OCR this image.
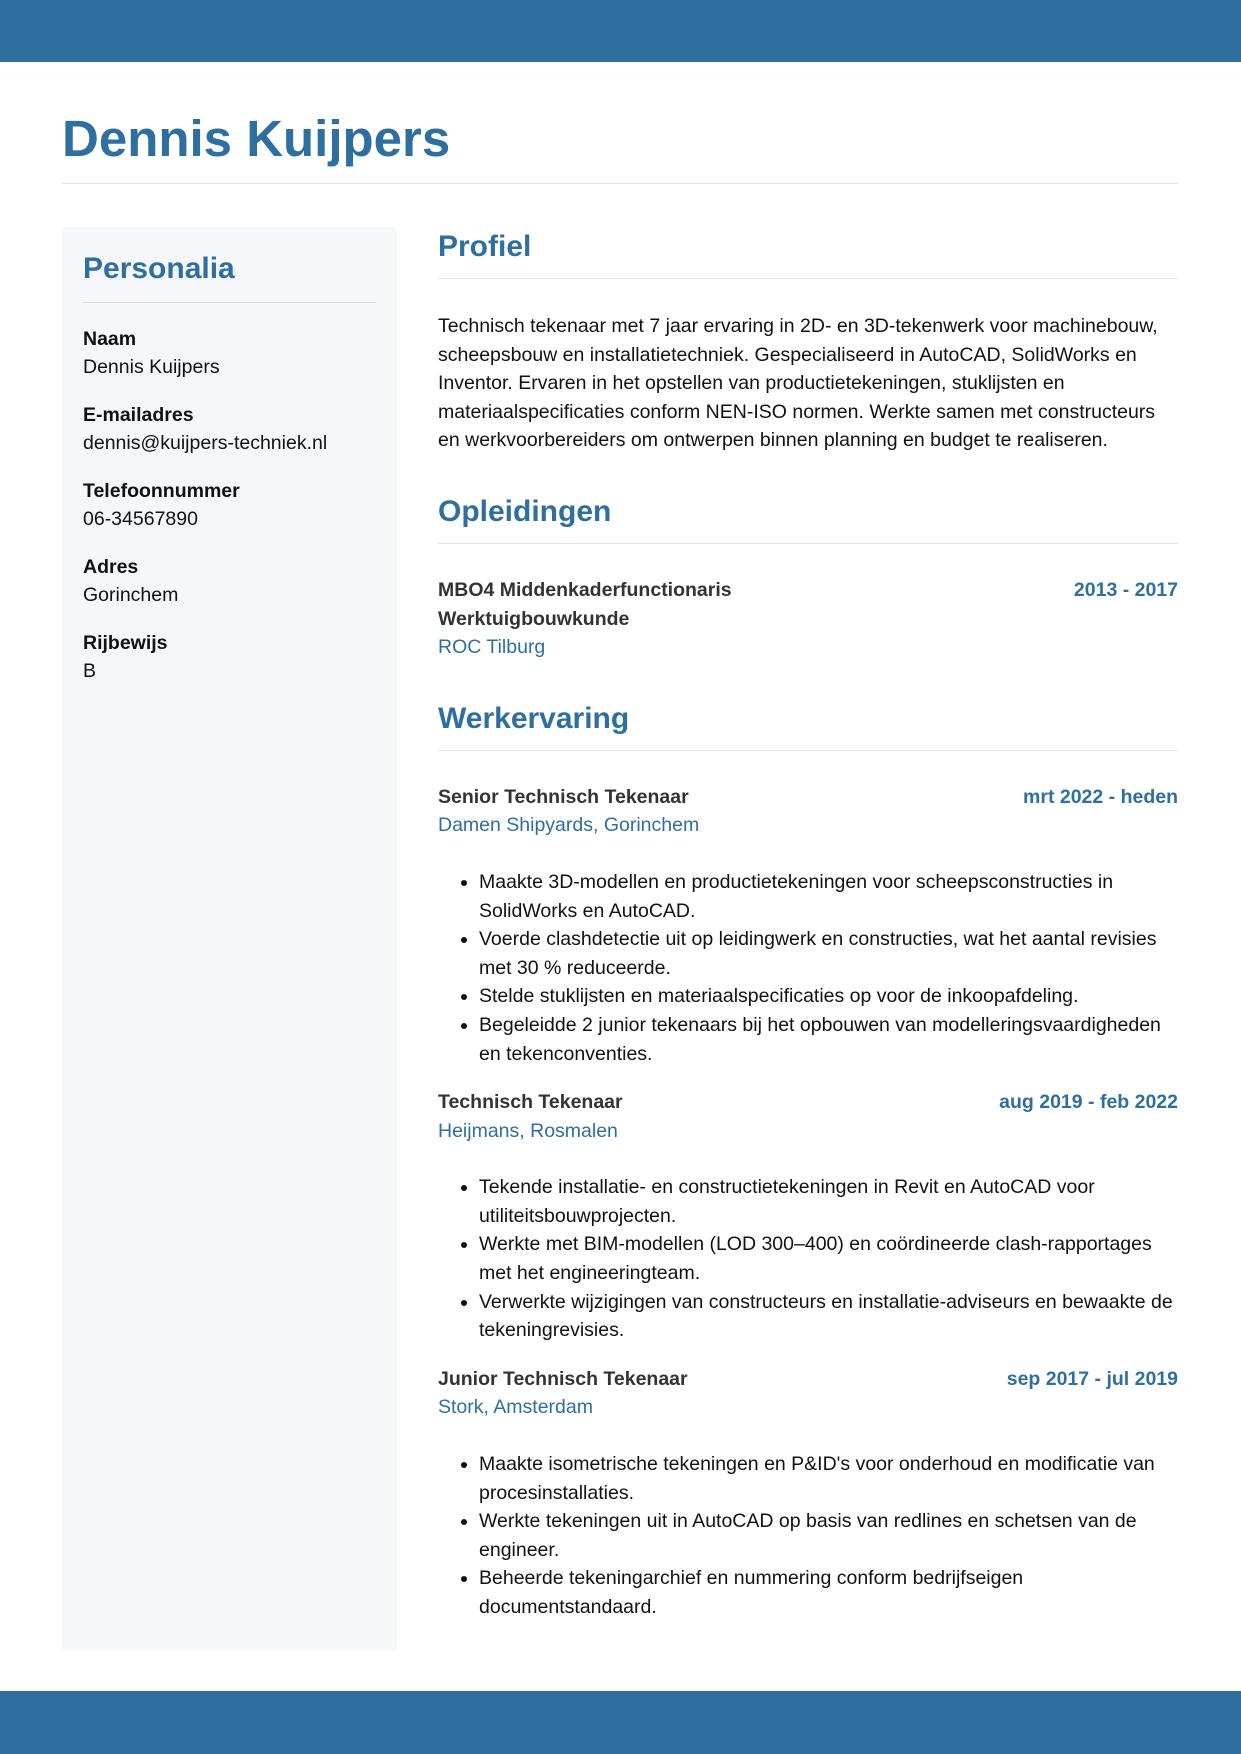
Dennis Kuijpers
Personalia
Naam
Dennis Kuijpers
E-mailadres
dennis@kuijpers-techniek.nl
Telefoonnummer
06-34567890
Adres
Gorinchem
Rijbewijs
B
Profiel

Technisch tekenaar met 7 jaar ervaring in 2D- en 3D-tekenwerk voor machinebouw, scheepsbouw en installatietechniek. Gespecialiseerd in AutoCAD, SolidWorks en Inventor. Ervaren in het opstellen van productietekeningen, stuklijsten en materiaalspecificaties conform NEN-ISO normen. Werkte samen met constructeurs en werkvoorbereiders om ontwerpen binnen planning en budget te realiseren.

Opleidingen
MBO4 Middenkaderfunctionaris
Werktuigbouwkunde
2013 - 2017
ROC Tilburg
Werkervaring
Senior Technisch Tekenaar	mrt 2022 - heden
Damen Shipyards, Gorinchem
• Maakte 3D-modellen en productietekeningen voor scheepsconstructies in SolidWorks en AutoCAD.
• Voerde clashdetectie uit op leidingwerk en constructies, wat het aantal revisies met 30 % reduceerde.
• Stelde stuklijsten en materiaalspecificaties op voor de inkoopafdeling.
• Begeleidde 2 junior tekenaars bij het opbouwen van modelleringsvaardigheden en tekenconventies.
Technisch Tekenaar	aug 2019 - feb 2022
Heijmans, Rosmalen
• Tekende installatie- en constructietekeningen in Revit en AutoCAD voor utiliteitsbouwprojecten.
• Werkte met BIM-modellen (LOD 300–400) en coördineerde clash-rapportages met het engineeringteam.
• Verwerkte wijzigingen van constructeurs en installatie-adviseurs en bewaakte de tekeningrevisies.
Junior Technisch Tekenaar	sep 2017 - jul 2019
Stork, Amsterdam
• Maakte isometrische tekeningen en P&ID's voor onderhoud en modificatie van procesinstallaties.
• Werkte tekeningen uit in AutoCAD op basis van redlines en schetsen van de engineer.
• Beheerde tekeningarchief en nummering conform bedrijfseigen documentstandaard.
